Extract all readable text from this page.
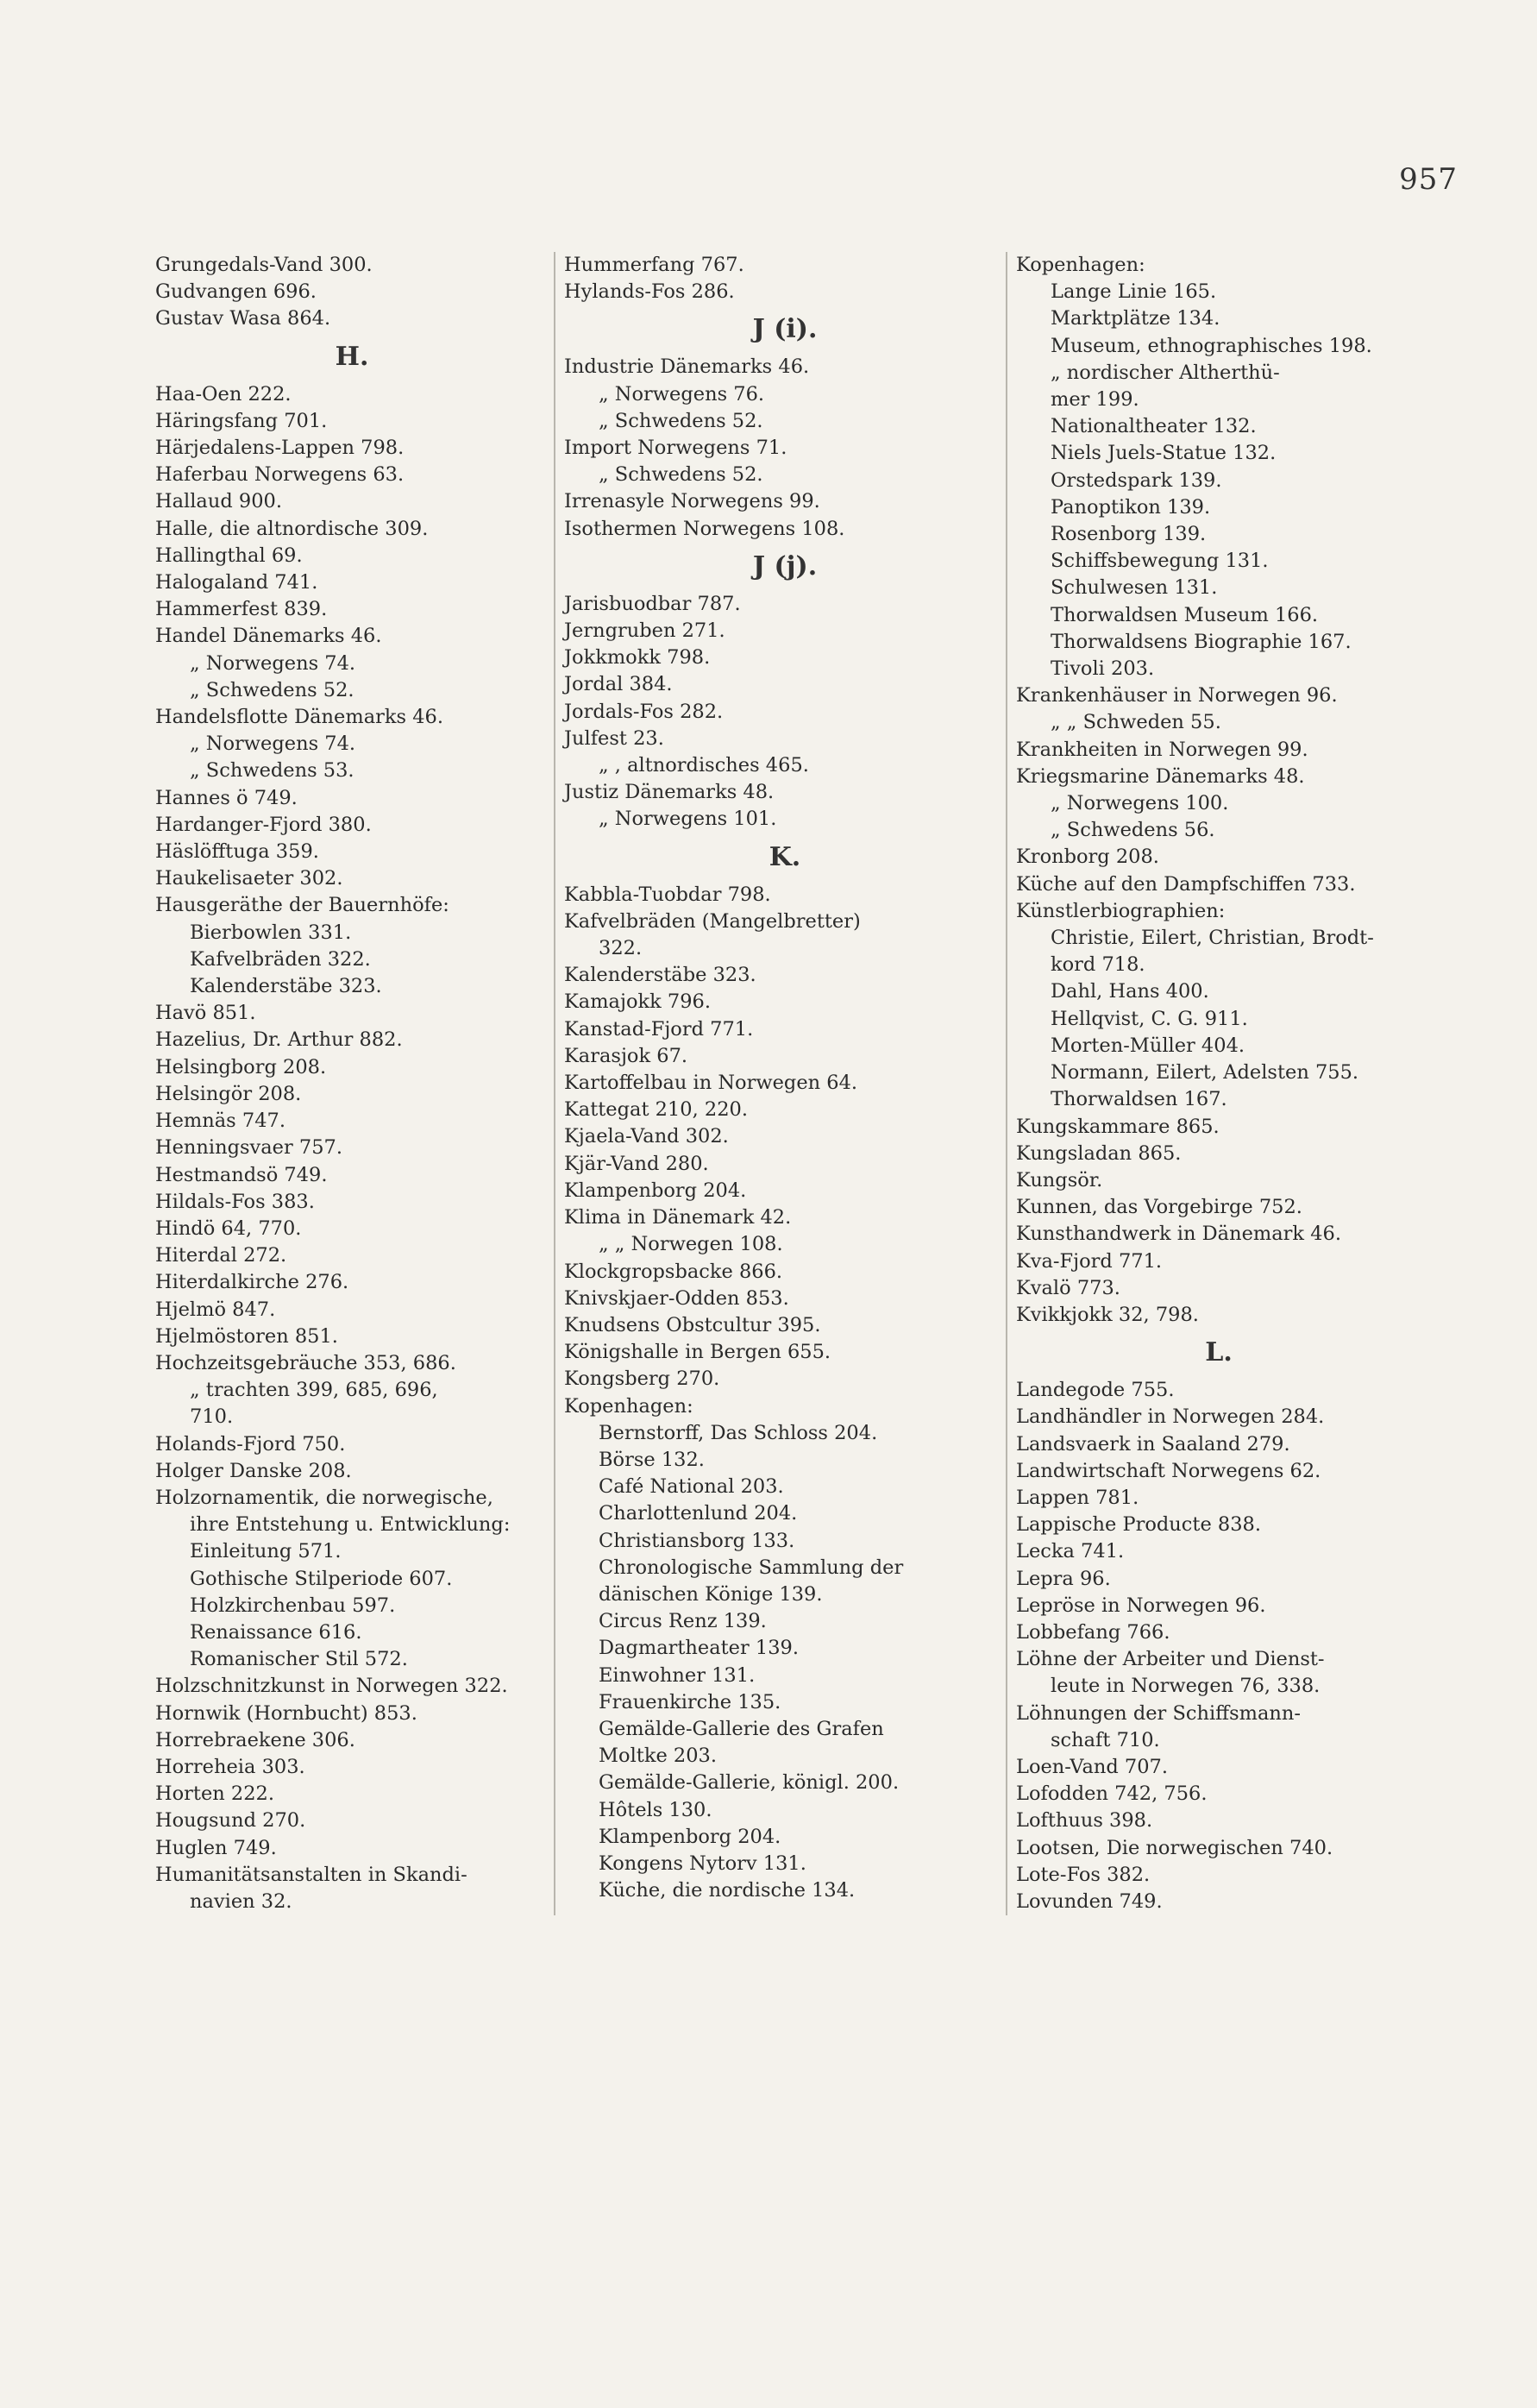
957
Grungedals-Vand 300.
Gudvangen 696.
Gustav Wasa 864.
H.
Haa-Oen 222.
Häringsfang 701.
Härjedalens-Lappen 798.
Haferbau Norwegens 63.
Hallaud 900.
Halle, die altnordische 309.
Hallingthal 69.
Halogaland 741.
Hammerfest 839.
Handel Dänemarks 46.
„ Norwegens 74.
„ Schwedens 52.
Handelsflotte Dänemarks 46.
„ Norwegens 74.
„ Schwedens 53.
Hannes ö 749.
Hardanger-Fjord 380.
Häslöfftuga 359.
Haukelisaeter 302.
Hausgeräthe der Bauernhöfe:
Bierbowlen 331.
Kafvelbräden 322.
Kalenderstäbe 323.
Havö 851.
Hazelius, Dr. Arthur 882.
Helsingborg 208.
Helsingör 208.
Hemnäs 747.
Henningsvaer 757.
Hestmandsö 749.
Hildals-Fos 383.
Hindö 64, 770.
Hiterdal 272.
Hiterdalkirche 276.
Hjelmö 847.
Hjelmöstoren 851.
Hochzeitsgebräuche 353, 686.
„ trachten 399, 685, 696,
710.
Holands-Fjord 750.
Holger Danske 208.
Holzornamentik, die norwegische,
ihre Entstehung u. Entwicklung:
Einleitung 571.
Gothische Stilperiode 607.
Holzkirchenbau 597.
Renaissance 616.
Romanischer Stil 572.
Holzschnitzkunst in Norwegen 322.
Hornwik (Hornbucht) 853.
Horrebraekene 306.
Horreheia 303.
Horten 222.
Hougsund 270.
Huglen 749.
Humanitätsanstalten in Skandi-
navien 32.
Hummerfang 767.
Hylands-Fos 286.
J (i).
Industrie Dänemarks 46.
„ Norwegens 76.
„ Schwedens 52.
Import Norwegens 71.
„ Schwedens 52.
Irrenasyle Norwegens 99.
Isothermen Norwegens 108.
J (j).
Jarisbuodbar 787.
Jerngruben 271.
Jokkmokk 798.
Jordal 384.
Jordals-Fos 282.
Julfest 23.
„ , altnordisches 465.
Justiz Dänemarks 48.
„ Norwegens 101.
K.
Kabbla-Tuobdar 798.
Kafvelbräden (Mangelbretter)
322.
Kalenderstäbe 323.
Kamajokk 796.
Kanstad-Fjord 771.
Karasjok 67.
Kartoffelbau in Norwegen 64.
Kattegat 210, 220.
Kjaela-Vand 302.
Kjär-Vand 280.
Klampenborg 204.
Klima in Dänemark 42.
„ „ Norwegen 108.
Klockgropsbacke 866.
Knivskjaer-Odden 853.
Knudsens Obstcultur 395.
Königshalle in Bergen 655.
Kongsberg 270.
Kopenhagen:
Bernstorff, Das Schloss 204.
Börse 132.
Café National 203.
Charlottenlund 204.
Christiansborg 133.
Chronologische Sammlung der
dänischen Könige 139.
Circus Renz 139.
Dagmartheater 139.
Einwohner 131.
Frauenkirche 135.
Gemälde-Gallerie des Grafen
Moltke 203.
Gemälde-Gallerie, königl. 200.
Hôtels 130.
Klampenborg 204.
Kongens Nytorv 131.
Küche, die nordische 134.
Kopenhagen:
Lange Linie 165.
Marktplätze 134.
Museum, ethnographisches 198.
„ nordischer Altherthü-
mer 199.
Nationaltheater 132.
Niels Juels-Statue 132.
Orstedspark 139.
Panoptikon 139.
Rosenborg 139.
Schiffsbewegung 131.
Schulwesen 131.
Thorwaldsen Museum 166.
Thorwaldsens Biographie 167.
Tivoli 203.
Krankenhäuser in Norwegen 96.
„ „ Schweden 55.
Krankheiten in Norwegen 99.
Kriegsmarine Dänemarks 48.
„ Norwegens 100.
„ Schwedens 56.
Kronborg 208.
Küche auf den Dampfschiffen 733.
Künstlerbiographien:
Christie, Eilert, Christian, Brodt-
kord 718.
Dahl, Hans 400.
Hellqvist, C. G. 911.
Morten-Müller 404.
Normann, Eilert, Adelsten 755.
Thorwaldsen 167.
Kungskammare 865.
Kungsladan 865.
Kungsör.
Kunnen, das Vorgebirge 752.
Kunsthandwerk in Dänemark 46.
Kva-Fjord 771.
Kvalö 773.
Kvikkjokk 32, 798.
L.
Landegode 755.
Landhändler in Norwegen 284.
Landsvaerk in Saaland 279.
Landwirtschaft Norwegens 62.
Lappen 781.
Lappische Producte 838.
Lecka 741.
Lepra 96.
Lepröse in Norwegen 96.
Lobbefang 766.
Löhne der Arbeiter und Dienst-
leute in Norwegen 76, 338.
Löhnungen der Schiffsmann-
schaft 710.
Loen-Vand 707.
Lofodden 742, 756.
Lofthuus 398.
Lootsen, Die norwegischen 740.
Lote-Fos 382.
Lovunden 749.
